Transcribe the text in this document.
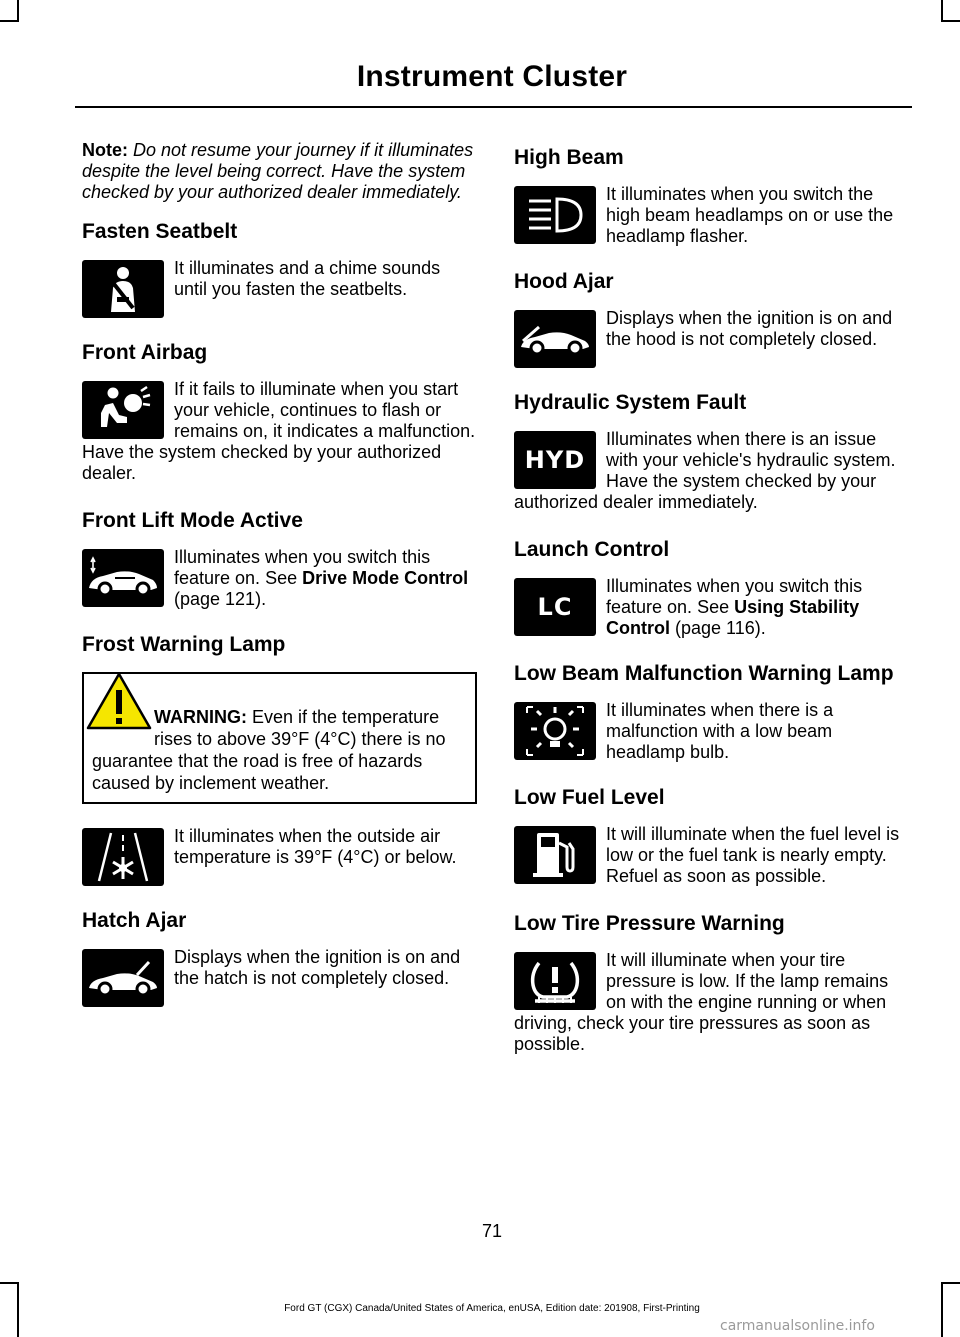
Instrument Cluster

Note: Do not resume your journey if it illuminates despite the level being correct. Have the system checked by your authorized dealer immediately.

Fasten Seatbelt

It illuminates and a chime sounds until you fasten the seatbelts.

Front Airbag

If it fails to illuminate when you start your vehicle, continues to flash or remains on, it indicates a malfunction. Have the system checked by your authorized dealer.

Front Lift Mode Active

Illuminates when you switch this feature on. See Drive Mode Control (page 121).

Frost Warning Lamp

WARNING: Even if the temperature rises to above 39°F (4°C) there is no guarantee that the road is free of hazards caused by inclement weather.

It illuminates when the outside air temperature is 39°F (4°C) or below.

Hatch Ajar

Displays when the ignition is on and the hatch is not completely closed.

High Beam

It illuminates when you switch the high beam headlamps on or use the headlamp flasher.

Hood Ajar

Displays when the ignition is on and the hood is not completely closed.

Hydraulic System Fault
HYD

Illuminates when there is an issue with your vehicle's hydraulic system. Have the system checked by your authorized dealer immediately.

Launch Control
LC

Illuminates when you switch this feature on. See Using Stability Control (page 116).

Low Beam Malfunction Warning Lamp

It illuminates when there is a malfunction with a low beam headlamp bulb.

Low Fuel Level

It will illuminate when the fuel level is low or the fuel tank is nearly empty. Refuel as soon as possible.

Low Tire Pressure Warning

It will illuminate when your tire pressure is low. If the lamp remains on with the engine running or when driving, check your tire pressures as soon as possible.

71
Ford GT (CGX) Canada/United States of America, enUSA, Edition date: 201908, First-Printing
carmanualsonline.info
